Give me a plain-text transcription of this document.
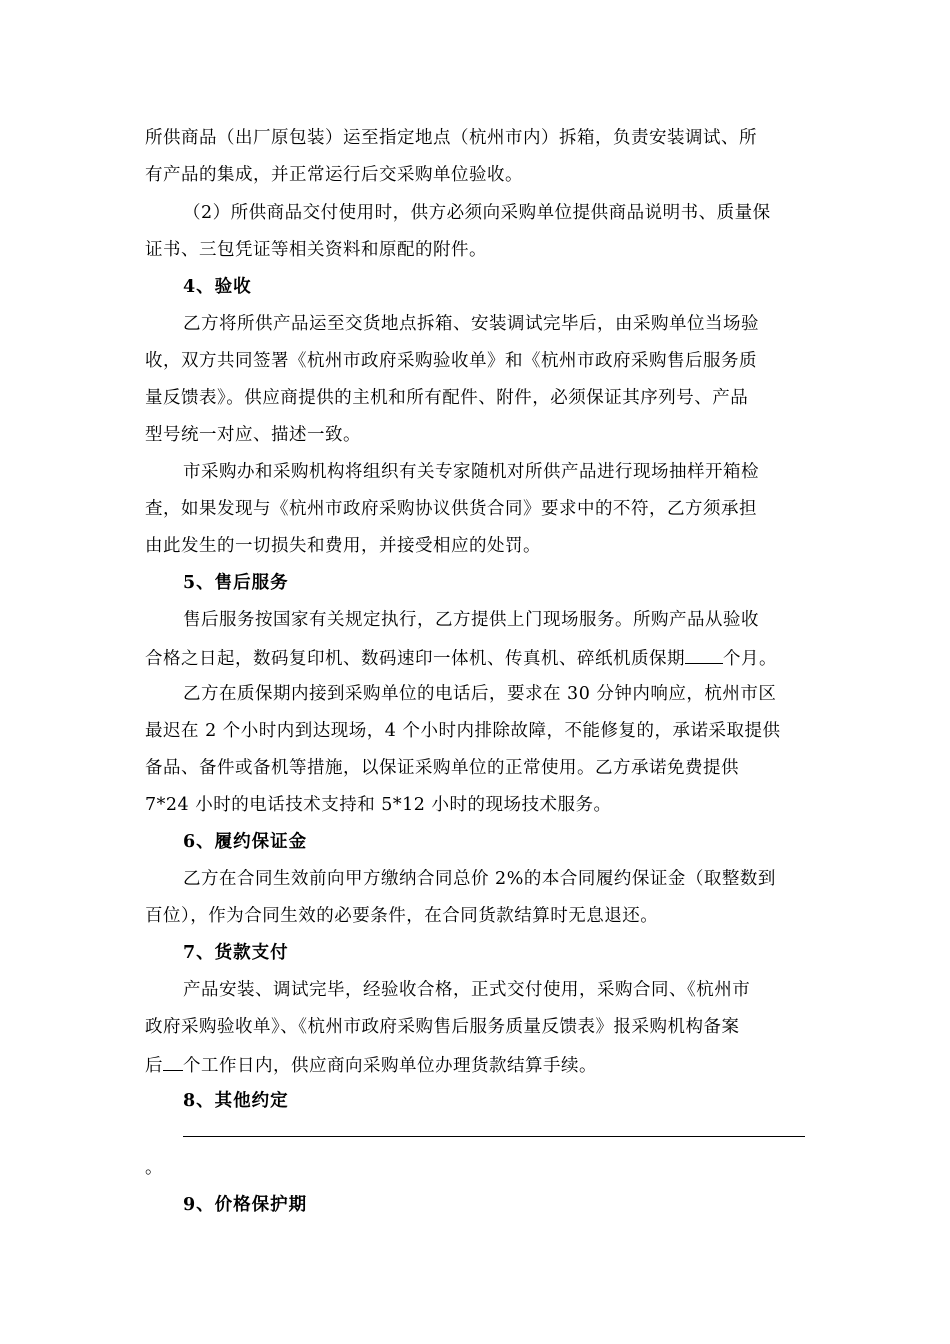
所供商品（出厂原包装）运至指定地点（杭州市内）拆箱，负责安装调试、所
有产品的集成，并正常运行后交采购单位验收。
（2）所供商品交付使用时，供方必须向采购单位提供商品说明书、质量保
证书、三包凭证等相关资料和原配的附件。
4、验收
乙方将所供产品运至交货地点拆箱、安装调试完毕后，由采购单位当场验
收，双方共同签署《杭州市政府采购验收单》和《杭州市政府采购售后服务质
量反馈表》。供应商提供的主机和所有配件、附件，必须保证其序列号、产品
型号统一对应、描述一致。
市采购办和采购机构将组织有关专家随机对所供产品进行现场抽样开箱检
查，如果发现与《杭州市政府采购协议供货合同》要求中的不符，乙方须承担
由此发生的一切损失和费用，并接受相应的处罚。
5、售后服务
售后服务按国家有关规定执行，乙方提供上门现场服务。所购产品从验收
合格之日起，数码复印机、数码速印一体机、传真机、碎纸机质保期 个月。
乙方在质保期内接到采购单位的电话后，要求在 30 分钟内响应，杭州市区
最迟在 2 个小时内到达现场，4 个小时内排除故障，不能修复的，承诺采取提供
备品、备件或备机等措施，以保证采购单位的正常使用。乙方承诺免费提供
7*24 小时的电话技术支持和 5*12 小时的现场技术服务。
6、履约保证金
乙方在合同生效前向甲方缴纳合同总价 2%的本合同履约保证金（取整数到
百位），作为合同生效的必要条件，在合同货款结算时无息退还。
7、货款支付
产品安装、调试完毕，经验收合格，正式交付使用，采购合同、《杭州市
政府采购验收单》、《杭州市政府采购售后服务质量反馈表》报采购机构备案
后 个工作日内，供应商向采购单位办理货款结算手续。
8、其他约定
。
9、价格保护期
